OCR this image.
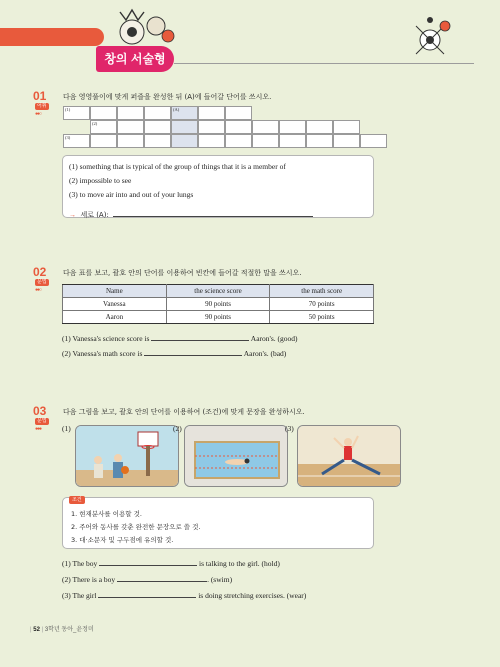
창의 서술형
01 다음 영영풀이에 맞게 퍼즐을 완성한 뒤 (A)에 들어갈 단어를 쓰시오.
어휘
●●○
(1)
(2)
(3)
(A)
(1) something that is typical of the group of things that it is a member of
(2) impossible to see
(3) to move air into and out of your lungs
→ 세로 (A):
02 다음 표를 보고, 괄호 안의 단어를 이용하여 빈칸에 들어갈 적절한 말을 쓰시오.
문법
●●○	Name	the science score	the math score
Vanessa	90 points	70 points
Aaron	90 points	50 points
(1) Vanessa's science score is	Aaron's. (good)
(2) Vanessa's math score is	Aaron's. (bad)
03 다음 그림을 보고, 괄호 안의 단어를 이용하여 (조건)에 맞게 문장을 완성하시오.
문법
●●●	(1)	(2)	(3)
조건
1. 현재분사를 이용할 것.
2. 주어와 동사를 갖춘 완전한 문장으로 쓸 것.
3. 대·소문자 및 구두점에 유의할 것.
(1) The boy	is talking to the girl. (hold)
(2) There is a boy	. (swim)
(3) The girl	is doing stretching exercises. (wear)
| 52 | 3학년 동아_윤정미
